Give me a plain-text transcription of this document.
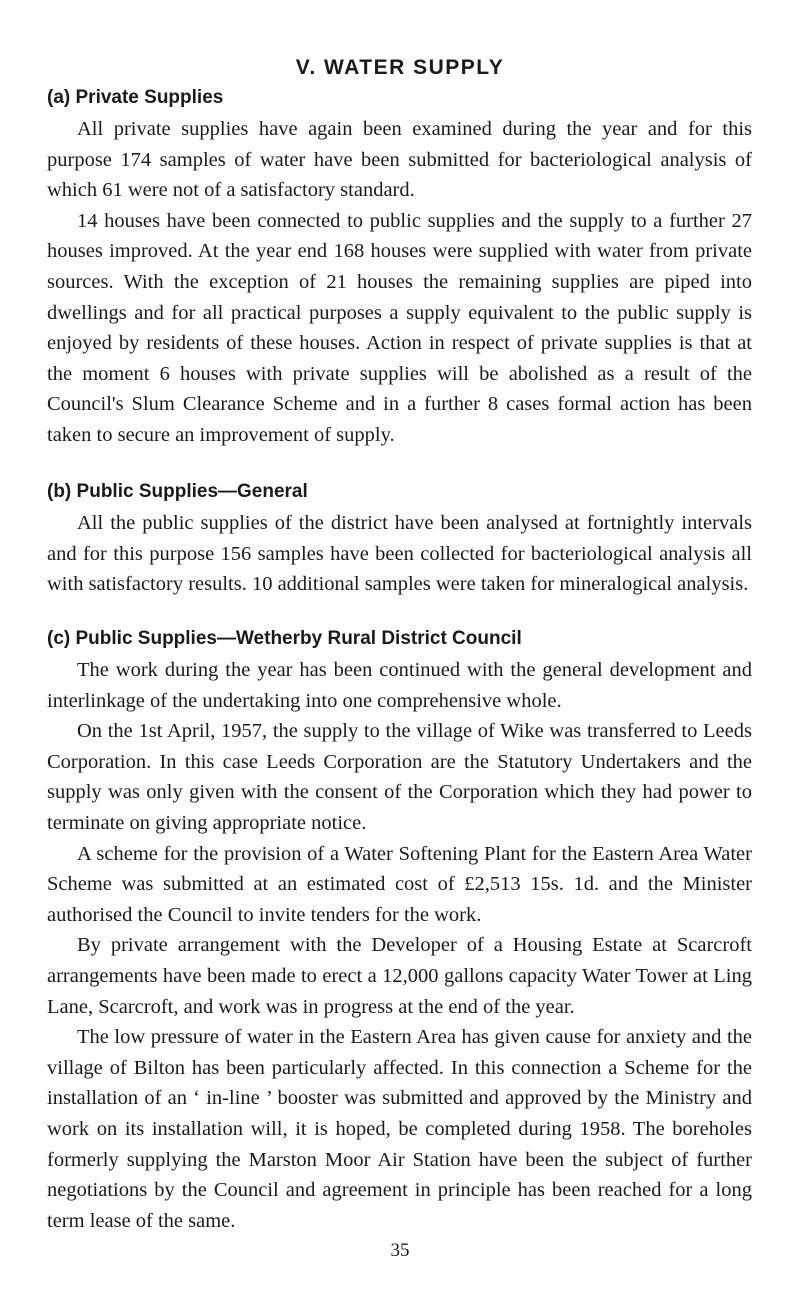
V. WATER SUPPLY
(a) Private Supplies

All private supplies have again been examined during the year and for this purpose 174 samples of water have been submitted for bacteriological analysis of which 61 were not of a satisfactory standard.

14 houses have been connected to public supplies and the supply to a further 27 houses improved. At the year end 168 houses were supplied with water from private sources. With the exception of 21 houses the remaining supplies are piped into dwellings and for all practical purposes a supply equivalent to the public supply is enjoyed by residents of these houses. Action in respect of private supplies is that at the moment 6 houses with private supplies will be abolished as a result of the Council's Slum Clearance Scheme and in a further 8 cases formal action has been taken to secure an improvement of supply.

(b) Public Supplies—General

All the public supplies of the district have been analysed at fortnightly intervals and for this purpose 156 samples have been collected for bacteriological analysis all with satisfactory results. 10 additional samples were taken for mineralogical analysis.

(c) Public Supplies—Wetherby Rural District Council

The work during the year has been continued with the general development and interlinkage of the undertaking into one comprehensive whole.

On the 1st April, 1957, the supply to the village of Wike was transferred to Leeds Corporation. In this case Leeds Corporation are the Statutory Undertakers and the supply was only given with the consent of the Corporation which they had power to terminate on giving appropriate notice.

A scheme for the provision of a Water Softening Plant for the Eastern Area Water Scheme was submitted at an estimated cost of £2,513 15s. 1d. and the Minister authorised the Council to invite tenders for the work.

By private arrangement with the Developer of a Housing Estate at Scarcroft arrangements have been made to erect a 12,000 gallons capacity Water Tower at Ling Lane, Scarcroft, and work was in progress at the end of the year.

The low pressure of water in the Eastern Area has given cause for anxiety and the village of Bilton has been particularly affected. In this connection a Scheme for the installation of an ‘ in-line ’ booster was submitted and approved by the Ministry and work on its installation will, it is hoped, be completed during 1958. The boreholes formerly supplying the Marston Moor Air Station have been the subject of further negotiations by the Council and agreement in principle has been reached for a long term lease of the same.

35
